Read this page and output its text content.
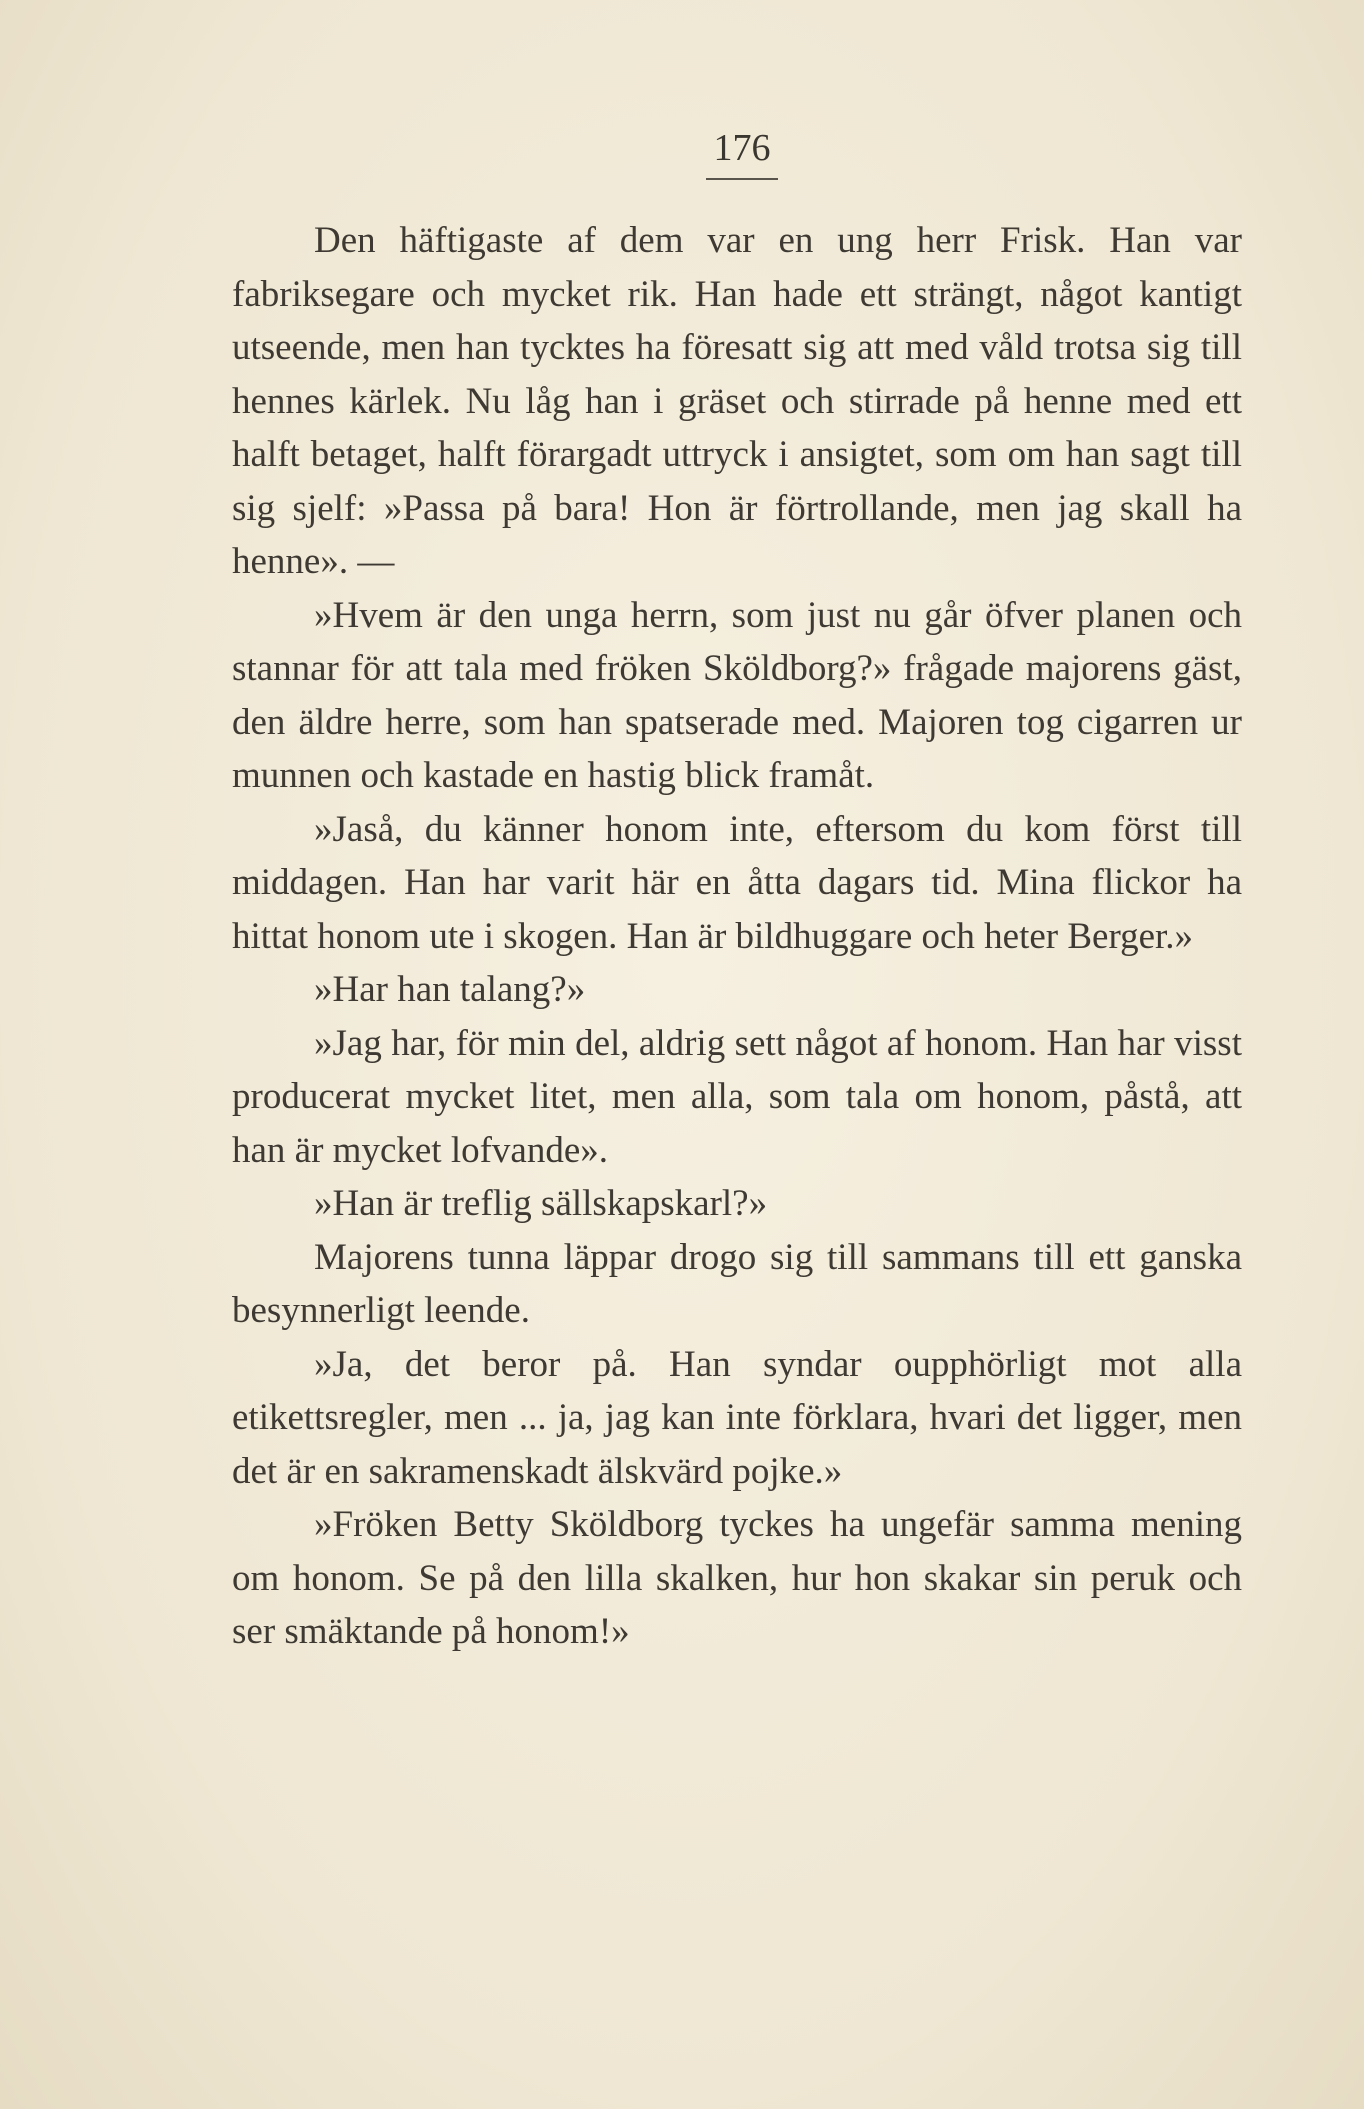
176

Den häftigaste af dem var en ung herr Frisk. Han var fabriksegare och mycket rik. Han hade ett strängt, något kantigt utseende, men han tycktes ha föresatt sig att med våld trotsa sig till hennes kärlek. Nu låg han i gräset och stirrade på henne med ett halft betaget, halft förargadt uttryck i ansigtet, som om han sagt till sig sjelf: »Passa på bara! Hon är förtrollande, men jag skall ha henne». —

»Hvem är den unga herrn, som just nu går öfver planen och stannar för att tala med fröken Sköldborg?» frågade majorens gäst, den äldre herre, som han spatserade med. Majoren tog cigarren ur munnen och kastade en hastig blick framåt.

»Jaså, du känner honom inte, eftersom du kom först till middagen. Han har varit här en åtta dagars tid. Mina flickor ha hittat honom ute i skogen. Han är bildhuggare och heter Berger.»

»Har han talang?»

»Jag har, för min del, aldrig sett något af honom. Han har visst producerat mycket litet, men alla, som tala om honom, påstå, att han är mycket lofvande».

»Han är treflig sällskapskarl?»

Majorens tunna läppar drogo sig till sammans till ett ganska besynnerligt leende.

»Ja, det beror på. Han syndar oupphörligt mot alla etikettsregler, men ... ja, jag kan inte förklara, hvari det ligger, men det är en sakramenskadt älskvärd pojke.»

»Fröken Betty Sköldborg tyckes ha ungefär samma mening om honom. Se på den lilla skalken, hur hon skakar sin peruk och ser smäktande på honom!»
